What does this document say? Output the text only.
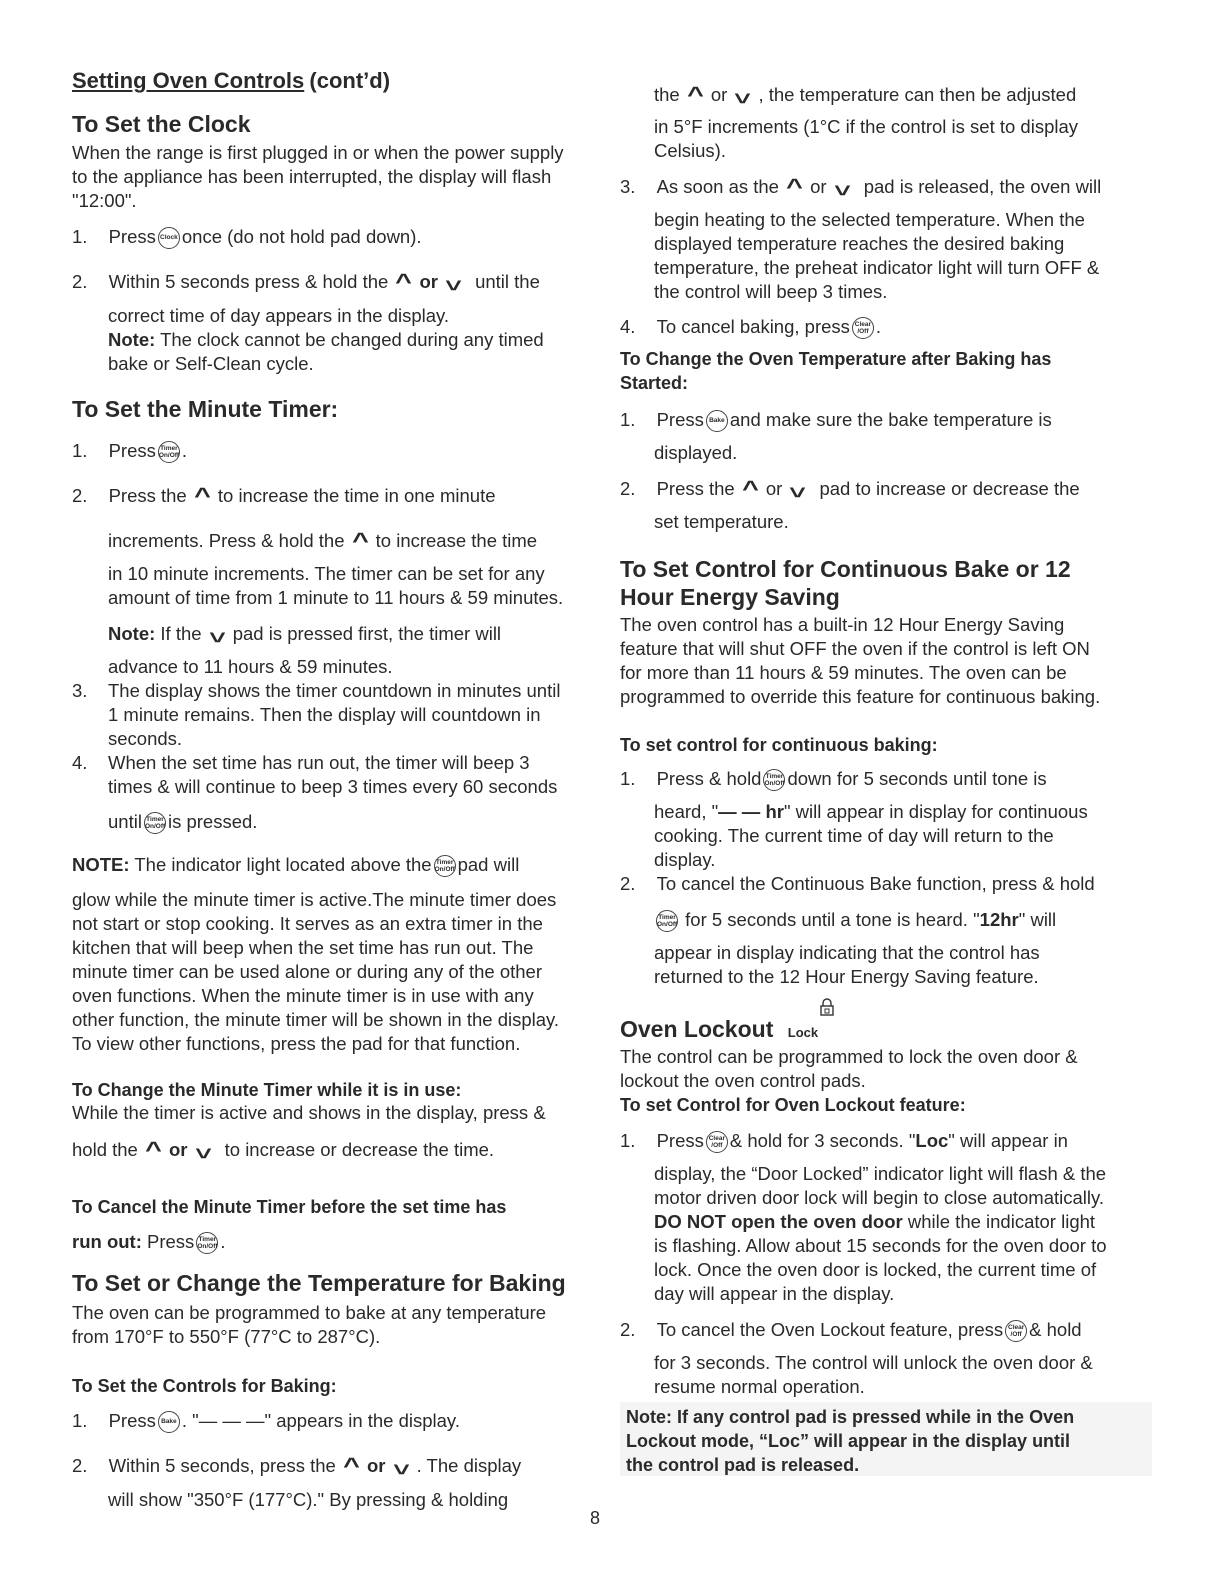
Setting Oven Controls (cont’d)
To Set the Clock
When the range is first plugged in or when the power supply
to the appliance has been interrupted, the display will flash
"12:00".
1. Press Clock once (do not hold pad down).
2. Within 5 seconds press & hold the ^ or ^ until the
correct time of day appears in the display.
Note: The clock cannot be changed during any timed
bake or Self-Clean cycle.
To Set the Minute Timer:
1. Press Timer
On/Off .
2. Press the ^ to increase the time in one minute
increments. Press & hold the ^ to increase the time
in 10 minute increments. The timer can be set for any
amount of time from 1 minute to 11 hours & 59 minutes.
Note: If the ^ pad is pressed first, the timer will
advance to 11 hours & 59 minutes.
3. The display shows the timer countdown in minutes until
1 minute remains. Then the display will countdown in
seconds.
4. When the set time has run out, the timer will beep 3
times & will continue to beep 3 times every 60 seconds
until Timer
On/Off is pressed.
NOTE: The indicator light located above the Timer
On/Off pad will
glow while the minute timer is active.The minute timer does
not start or stop cooking. It serves as an extra timer in the
kitchen that will beep when the set time has run out. The
minute timer can be used alone or during any of the other
oven functions. When the minute timer is in use with any
other function, the minute timer will be shown in the display.
To view other functions, press the pad for that function.
To Change the Minute Timer while it is in use:
While the timer is active and shows in the display, press &
hold the ^ or ^ to increase or decrease the time.
To Cancel the Minute Timer before the set time has
run out: Press Timer
On/Off .
To Set or Change the Temperature for Baking
The oven can be programmed to bake at any temperature
from 170°F to 550°F (77°C to 287°C).
To Set the Controls for Baking:
1. Press Bake . "— — —" appears in the display.
2. Within 5 seconds, press the ^ or ^ . The display
will show "350°F (177°C)." By pressing & holding
the ^ or ^ , the temperature can then be adjusted
in 5°F increments (1°C if the control is set to display
Celsius).
3. As soon as the ^ or ^ pad is released, the oven will
begin heating to the selected temperature. When the
displayed temperature reaches the desired baking
temperature, the preheat indicator light will turn OFF &
the control will beep 3 times.
4. To cancel baking, press Clear
/Off .
To Change the Oven Temperature after Baking has
Started:
1. Press Bake and make sure the bake temperature is
displayed.
2. Press the ^ or ^ pad to increase or decrease the
set temperature.
To Set Control for Continuous Bake or 12
Hour Energy Saving
The oven control has a built-in 12 Hour Energy Saving
feature that will shut OFF the oven if the control is left ON
for more than 11 hours & 59 minutes. The oven can be
programmed to override this feature for continuous baking.
To set control for continuous baking:
1. Press & hold Timer
On/Off down for 5 seconds until tone is
heard, "— — hr" will appear in display for continuous
cooking. The current time of day will return to the
display.
2. To cancel the Continuous Bake function, press & hold
Timer
On/Off for 5 seconds until a tone is heard. "12hr" will
appear in display indicating that the control has
returned to the 12 Hour Energy Saving feature.
Oven Lockout Lock
The control can be programmed to lock the oven door &
lockout the oven control pads.
To set Control for Oven Lockout feature:
1. Press Clear
/Off & hold for 3 seconds. "Loc" will appear in
display, the “Door Locked” indicator light will flash & the
motor driven door lock will begin to close automatically.
DO NOT open the oven door while the indicator light
is flashing. Allow about 15 seconds for the oven door to
lock. Once the oven door is locked, the current time of
day will appear in the display.
2. To cancel the Oven Lockout feature, press Clear
/Off & hold
for 3 seconds. The control will unlock the oven door &
resume normal operation.
Note: If any control pad is pressed while in the Oven
Lockout mode, “Loc” will appear in the display until
the control pad is released.
8
